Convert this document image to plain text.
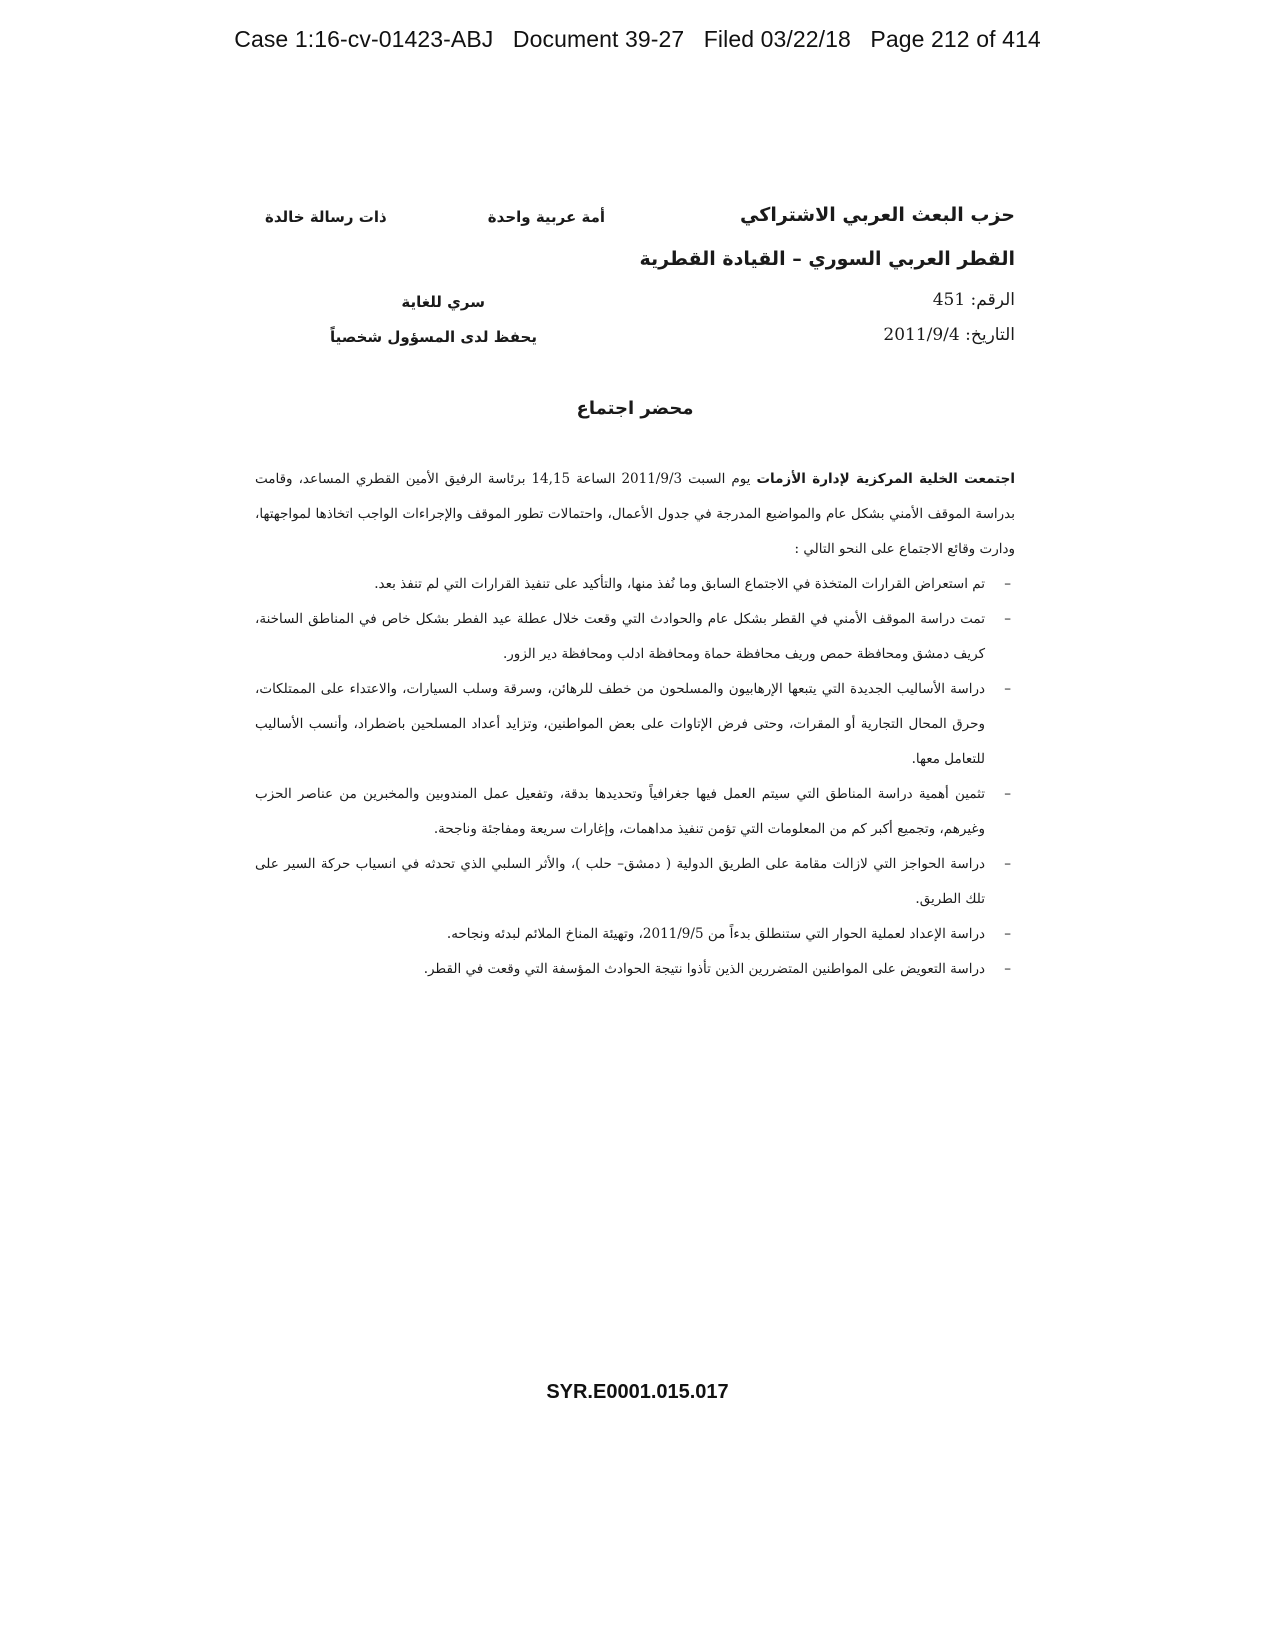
Case 1:16-cv-01423-ABJ   Document 39-27   Filed 03/22/18   Page 212 of 414
حزب البعث العربي الاشتراكي
أمة عربية واحدة
ذات رسالة خالدة
القطر العربي السوري – القيادة القطرية
الرقم: 451
سري للغاية
التاريخ: 2011/9/4
يحفظ لدى المسؤول شخصياً
محضر اجتماع

اجتمعت الخلية المركزية لإدارة الأزمات يوم السبت 2011/9/3 الساعة 14,15 برئاسة الرفيق الأمين القطري المساعد، وقامت بدراسة الموقف الأمني بشكل عام والمواضيع المدرجة في جدول الأعمال، واحتمالات تطور الموقف والإجراءات الواجب اتخاذها لمواجهتها، ودارت وقائع الاجتماع على النحو التالي :

– تم استعراض القرارات المتخذة في الاجتماع السابق وما نُفذ منها، والتأكيد على تنفيذ القرارات التي لم تنفذ بعد.
– تمت دراسة الموقف الأمني في القطر بشكل عام والحوادث التي وقعت خلال عطلة عيد الفطر بشكل خاص في المناطق الساخنة، كريف دمشق ومحافظة حمص وريف محافظة حماة ومحافظة ادلب ومحافظة دير الزور.
– دراسة الأساليب الجديدة التي يتبعها الإرهابيون والمسلحون من خطف للرهائن، وسرقة وسلب السيارات، والاعتداء على الممتلكات، وحرق المحال التجارية أو المقرات، وحتى فرض الإتاوات على بعض المواطنين، وتزايد أعداد المسلحين باضطراد، وأنسب الأساليب للتعامل معها.
– تثمين أهمية دراسة المناطق التي سيتم العمل فيها جغرافياً وتحديدها بدقة، وتفعيل عمل المندوبين والمخبرين من عناصر الحزب وغيرهم، وتجميع أكبر كم من المعلومات التي تؤمن تنفيذ مداهمات، وإغارات سريعة ومفاجئة وناجحة.
– دراسة الحواجز التي لازالت مقامة على الطريق الدولية ( دمشق– حلب )، والأثر السلبي الذي تحدثه في انسياب حركة السير على تلك الطريق.
– دراسة الإعداد لعملية الحوار التي ستنطلق بدءاً من 2011/9/5، وتهيئة المناخ الملائم لبدئه ونجاحه.
– دراسة التعويض على المواطنين المتضررين الذين تأذوا نتيجة الحوادث المؤسفة التي وقعت في القطر.
SYR.E0001.015.017
